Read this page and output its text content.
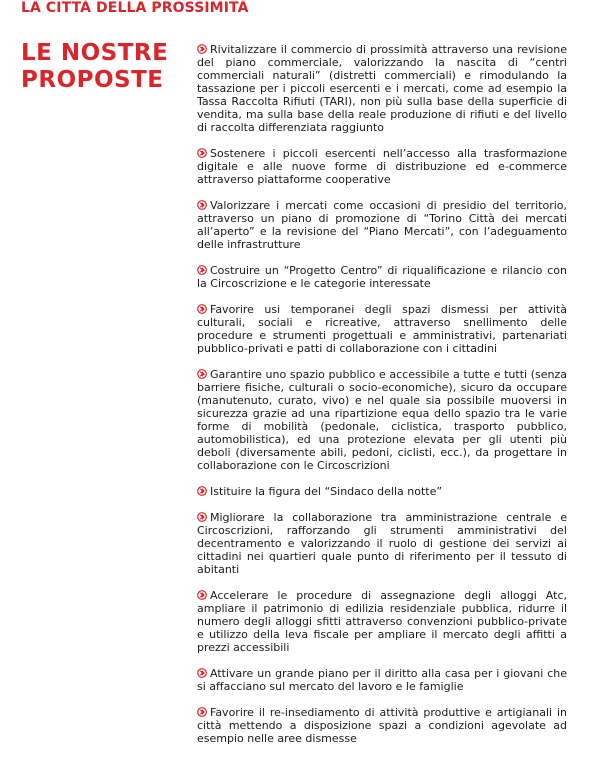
LA CITTÀ DELLA PROSSIMITÀ
LE NOSTRE
PROPOSTE
Rivitalizzare il commercio di prossimità attraverso una revisione del piano commerciale, valorizzando la nascita di “centri commerciali naturali” (distretti commerciali) e rimodulando la tassazione per i piccoli esercenti e i mercati, come ad esempio la Tassa Raccolta Rifiuti (TARI), non più sulla base della superficie di vendita, ma sulla base della reale produzione di rifiuti e del livello di raccolta differenziata raggiunto
Sostenere i piccoli esercenti nell’accesso alla trasformazione digitale e alle nuove forme di distribuzione ed e-commerce attraverso piattaforme cooperative
Valorizzare i mercati come occasioni di presidio del territorio, attraverso un piano di promozione di “Torino Città dei mercati all’aperto” e la revisione del “Piano Mercati”, con l’adeguamento delle infrastrutture
Costruire un “Progetto Centro” di riqualificazione e rilancio con la Circoscrizione e le categorie interessate
Favorire usi temporanei degli spazi dismessi per attività culturali, sociali e ricreative, attraverso snellimento delle procedure e strumenti progettuali e amministrativi, partenariati pubblico-privati e patti di collaborazione con i cittadini
Garantire uno spazio pubblico e accessibile a tutte e tutti (senza barriere fisiche, culturali o socio-economiche), sicuro da occupare (manutenuto, curato, vivo) e nel quale sia possibile muoversi in sicurezza grazie ad una ripartizione equa dello spazio tra le varie forme di mobilità (pedonale, ciclistica, trasporto pubblico, automobilistica), ed una protezione elevata per gli utenti più deboli (diversamente abili, pedoni, ciclisti, ecc.), da progettare in collaborazione con le Circoscrizioni
Istituire la figura del “Sindaco della notte”
Migliorare la collaborazione tra amministrazione centrale e Circoscrizioni, rafforzando gli strumenti amministrativi del decentramento e valorizzando il ruolo di gestione dei servizi ai cittadini nei quartieri quale punto di riferimento per il tessuto di abitanti
Accelerare le procedure di assegnazione degli alloggi Atc, ampliare il patrimonio di edilizia residenziale pubblica, ridurre il numero degli alloggi sfitti attraverso convenzioni pubblico-private e utilizzo della leva fiscale per ampliare il mercato degli affitti a prezzi accessibili
Attivare un grande piano per il diritto alla casa per i giovani che si affacciano sul mercato del lavoro e le famiglie
Favorire il re-insediamento di attività produttive e artigianali in città mettendo a disposizione spazi a condizioni agevolate ad esempio nelle aree dismesse
